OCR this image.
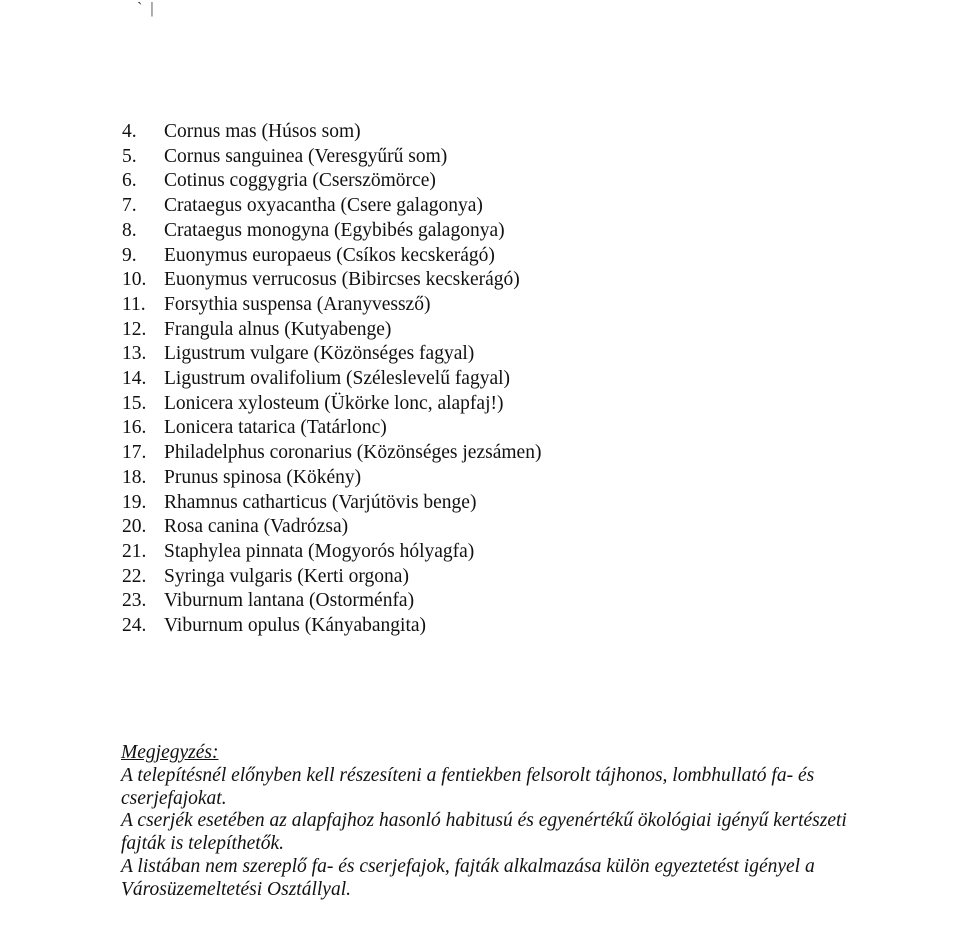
` |
4.	Cornus mas (Húsos som)
5.	Cornus sanguinea (Veresgyűrű som)
6.	Cotinus coggygria (Cserszömörce)
7.	Crataegus oxyacantha (Csere galagonya)
8.	Crataegus monogyna (Egybibés galagonya)
9.	Euonymus europaeus (Csíkos kecskerágó)
10. Euonymus verrucosus (Bibircses kecskerágó)
11. Forsythia suspensa (Aranyvessző)
12. Frangula alnus (Kutyabenge)
13. Ligustrum vulgare (Közönséges fagyal)
14. Ligustrum ovalifolium (Széleslevelű fagyal)
15. Lonicera xylosteum (Ükörke lonc, alapfaj!)
16. Lonicera tatarica (Tatárlonc)
17. Philadelphus coronarius (Közönséges jezsámen)
18. Prunus spinosa (Kökény)
19. Rhamnus catharticus (Varjútövis benge)
20. Rosa canina (Vadrózsa)
21. Staphylea pinnata (Mogyorós hólyagfa)
22. Syringa vulgaris (Kerti orgona)
23. Viburnum lantana (Ostorménfa)
24. Viburnum opulus (Kányabangita)
Megjegyzés:
A telepítésnél előnyben kell részesíteni a fentiekben felsorolt tájhonos, lombhullató fa- és
cserjefajokat.
A cserjék esetében az alapfajhoz hasonló habitusú és egyenértékű ökológiai igényű kertészeti
fajták is telepíthetők.
A listában nem szereplő fa- és cserjefajok, fajták alkalmazása külön egyeztetést igényel a
Városüzemeltetési Osztállyal.
